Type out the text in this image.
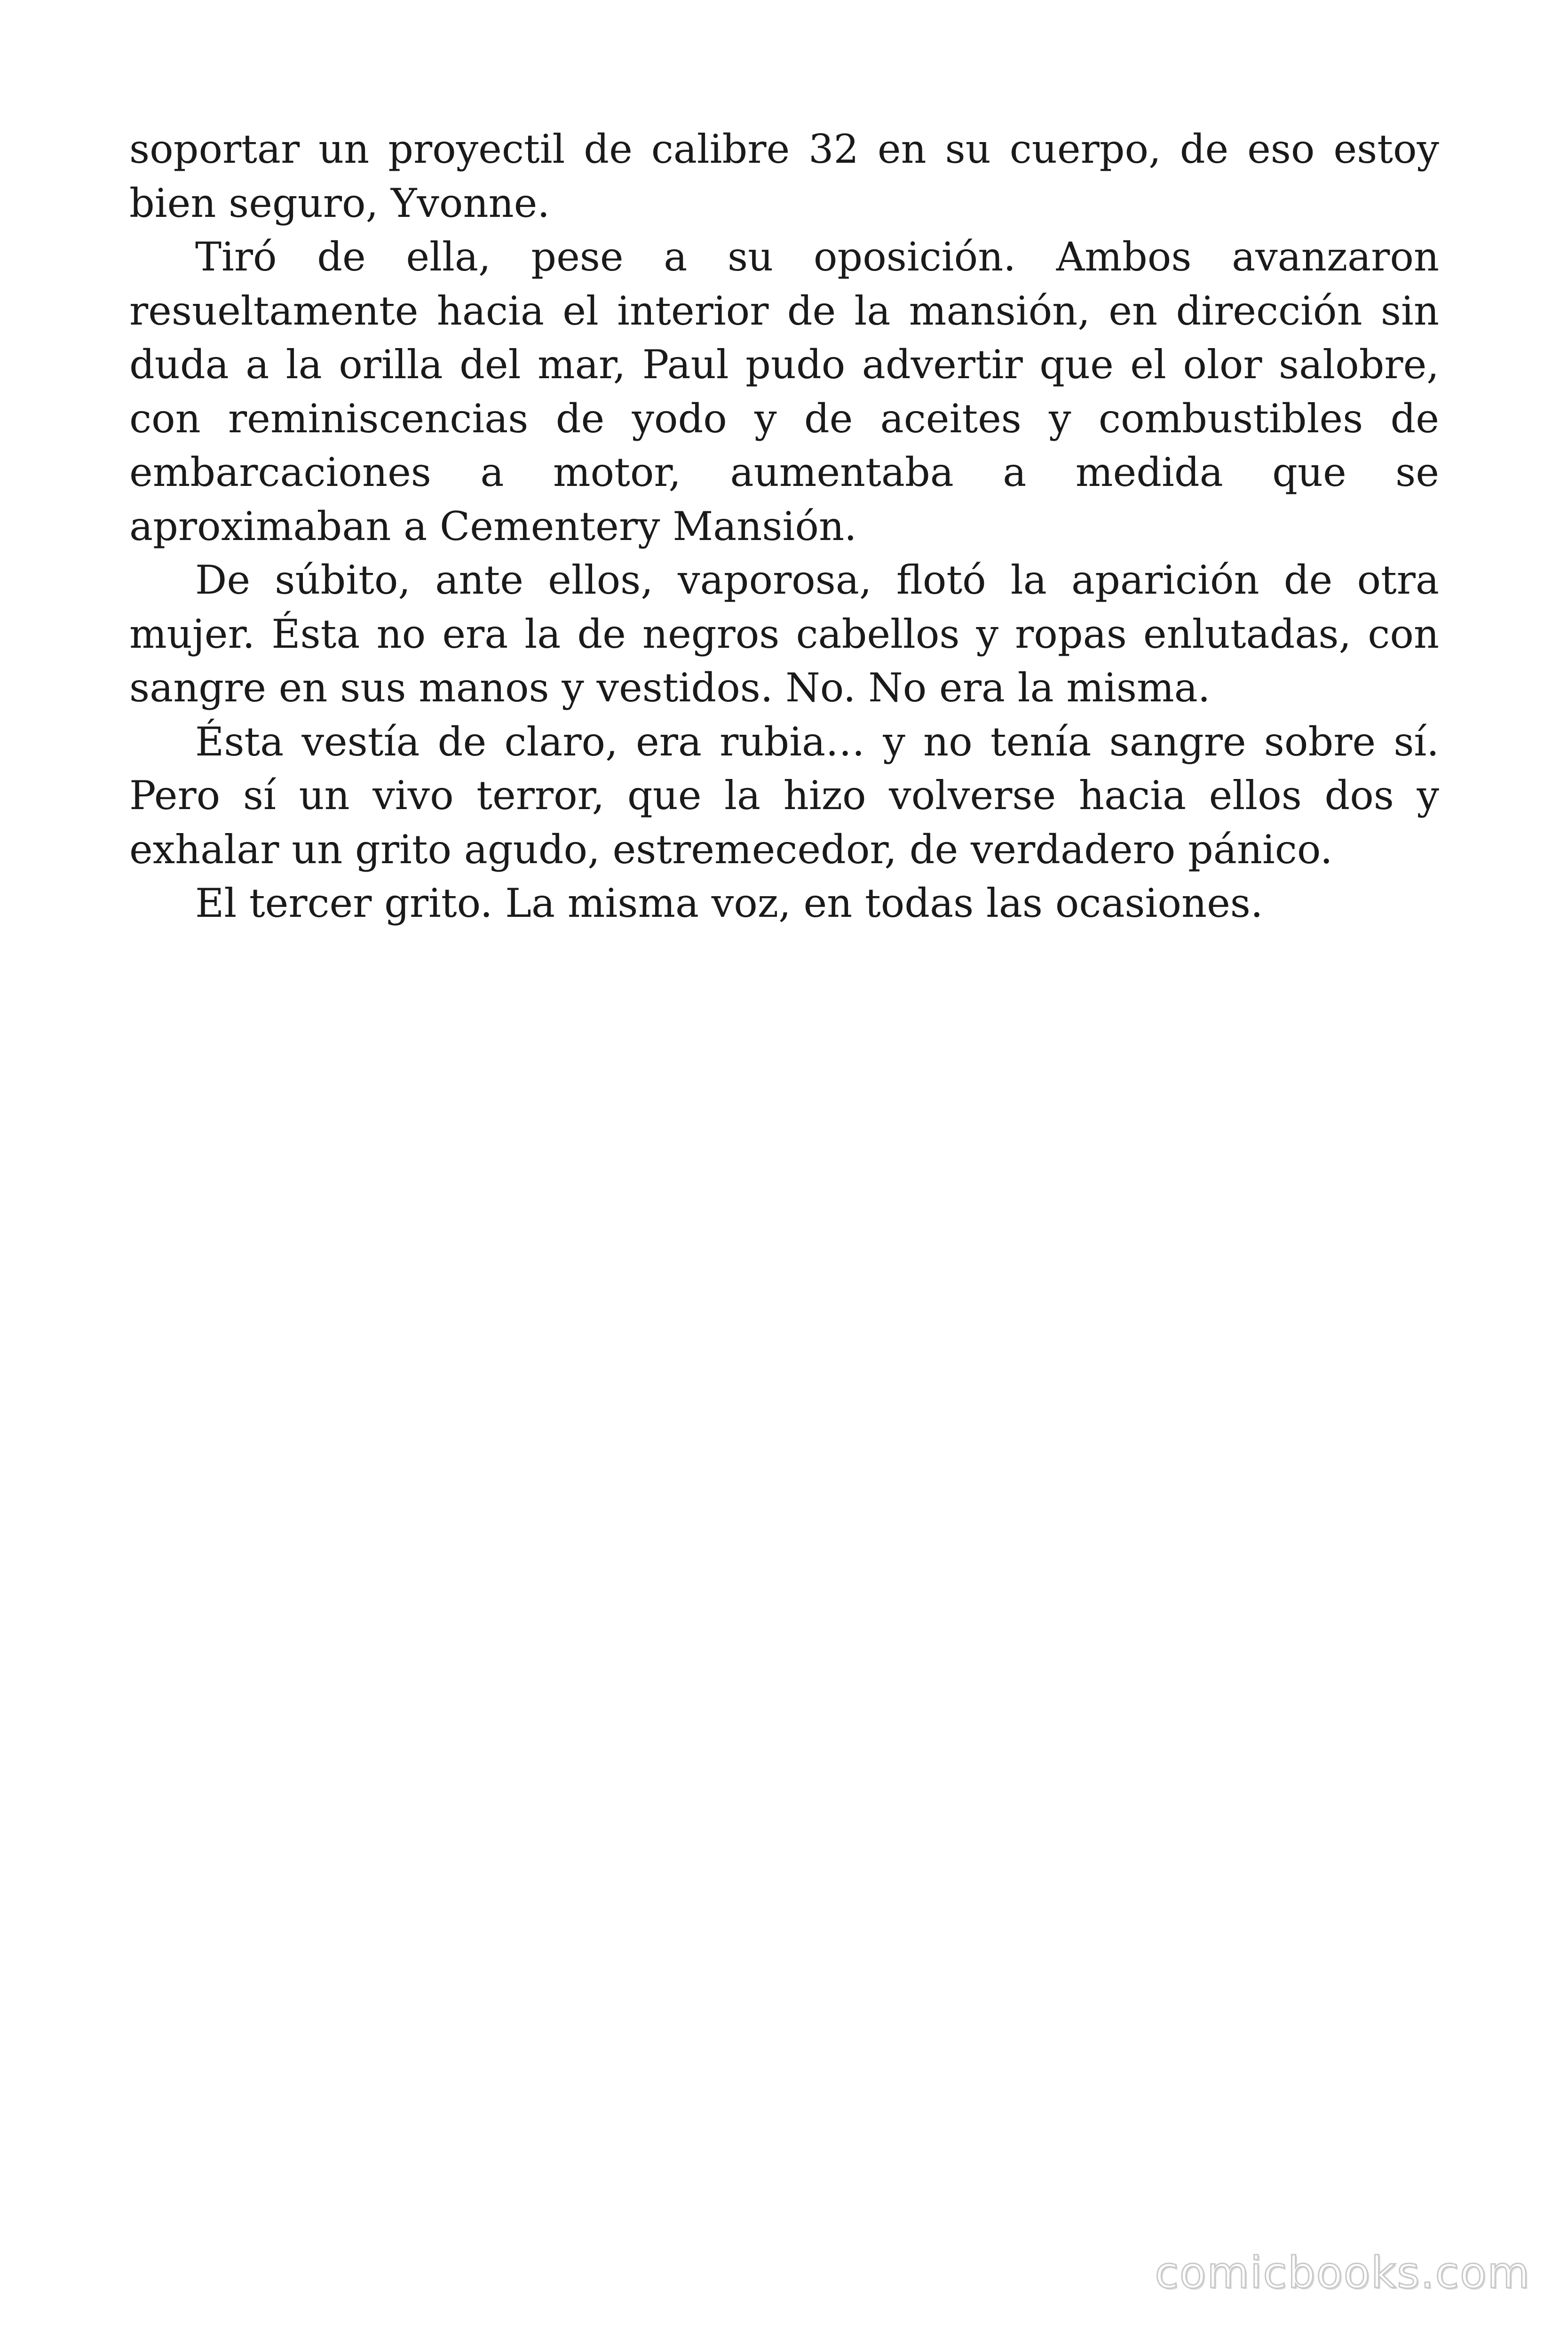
soportar un proyectil de calibre 32 en su cuerpo, de eso estoy bien seguro, Yvonne.

Tiró de ella, pese a su oposición. Ambos avanzaron resueltamente hacia el interior de la mansión, en dirección sin duda a la orilla del mar, Paul pudo advertir que el olor salobre, con reminiscencias de yodo y de aceites y combustibles de embarcaciones a motor, aumentaba a medida que se aproximaban a Cementery Mansión.

De súbito, ante ellos, vaporosa, flotó la aparición de otra mujer. Ésta no era la de negros cabellos y ropas enlutadas, con sangre en sus manos y vestidos. No. No era la misma.

Ésta vestía de claro, era rubia… y no tenía sangre sobre sí. Pero sí un vivo terror, que la hizo volverse hacia ellos dos y exhalar un grito agudo, estremecedor, de verdadero pánico.

El tercer grito. La misma voz, en todas las ocasiones.

comicbooks.com
